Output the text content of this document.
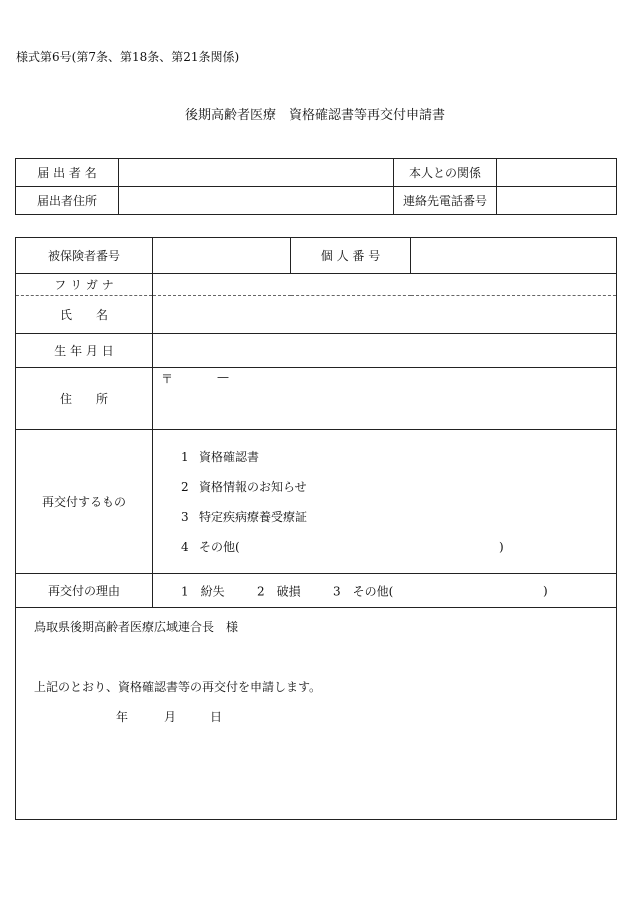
様式第6号(第7条、第18条、第21条関係)
後期高齢者医療　資格確認書等再交付申請書
届 出 者 名		本人との関係	
届出者住所		連絡先電話番号	
被保険者番号		個 人 番 号	

フ リ ガ ナ			
氏　　名			
生 年 月 日			
住　　所	〒 —		

再交付するもの	1 資格確認書
2 資格情報のお知らせ
3 特定疾病療養受療証
4 その他( )		

再交付の理由	1　紛失 2　破損 3　その他( )		

鳥取県後期高齢者医療広域連合長　様
上記のとおり、資格確認書等の再交付を申請します。
年 月 日			
